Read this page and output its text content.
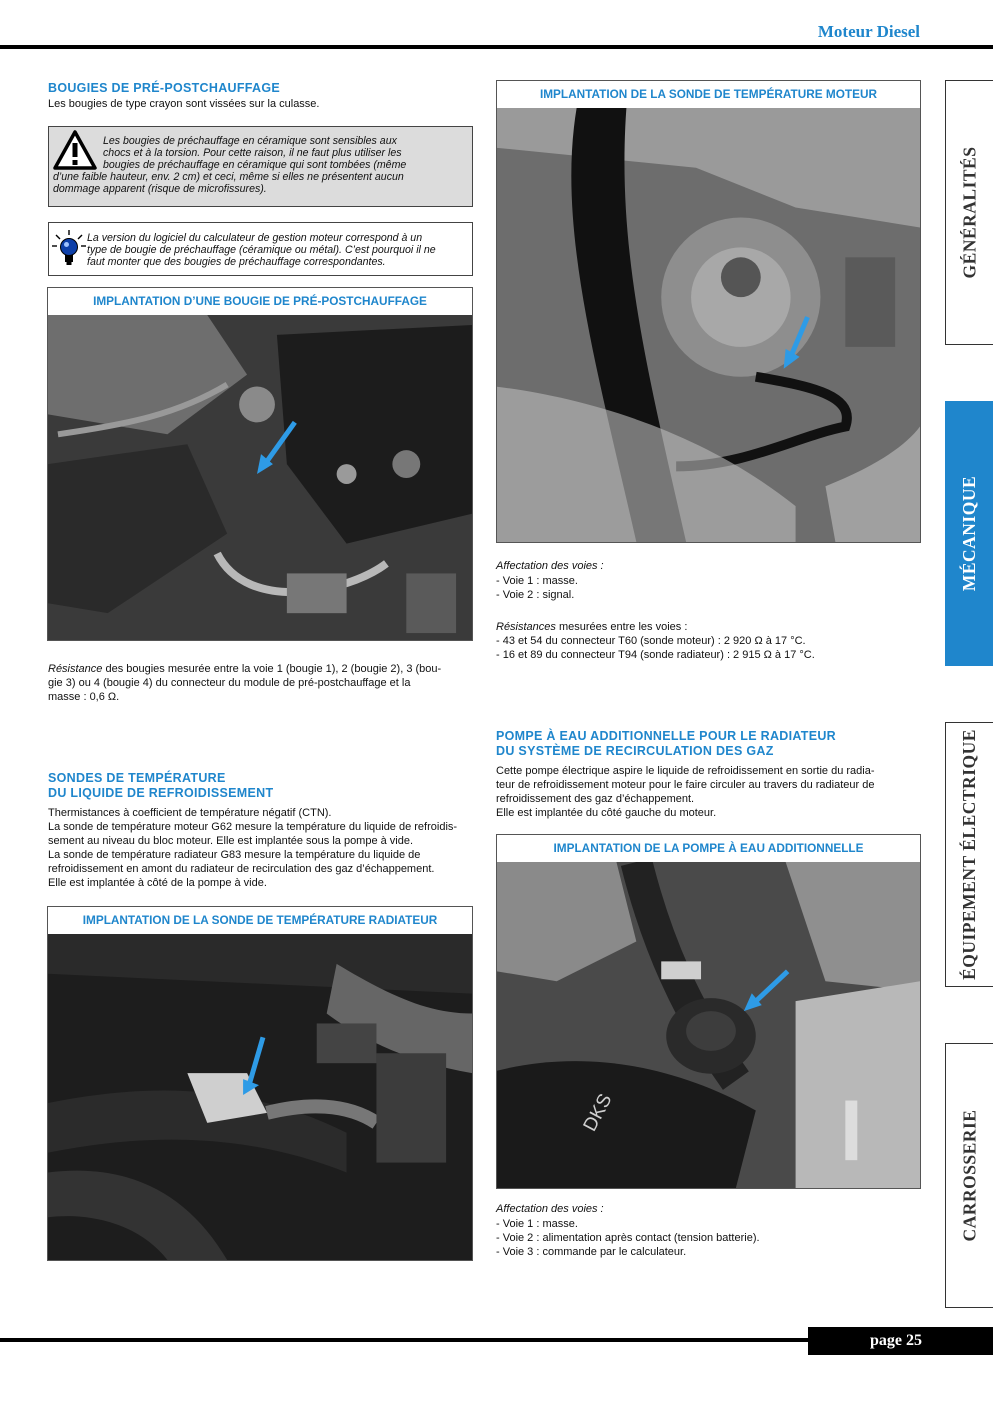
Moteur Diesel
BOUGIES DE PRÉ-POSTCHAUFFAGE
Les bougies de type crayon sont vissées sur la culasse.
Les bougies de préchauffage en céramique sont sensibles aux
chocs et à la torsion. Pour cette raison, il ne faut plus utiliser les
bougies de préchauffage en céramique qui sont tombées (même
d’une faible hauteur, env. 2 cm) et ceci, même si elles ne présentent aucun
dommage apparent (risque de microfissures).
La version du logiciel du calculateur de gestion moteur correspond à un
type de bougie de préchauffage (céramique ou métal). C’est pourquoi il ne
faut monter que des bougies de préchauffage correspondantes.
IMPLANTATION D’UNE BOUGIE DE PRÉ-POSTCHAUFFAGE
Résistance des bougies mesurée entre la voie 1 (bougie 1), 2 (bougie 2), 3 (bou-
gie 3) ou 4 (bougie 4) du connecteur du module de pré-postchauffage et la
masse : 0,6 Ω.
SONDES DE TEMPÉRATURE
DU LIQUIDE DE REFROIDISSEMENT
Thermistances à coefficient de température négatif (CTN).
La sonde de température moteur G62 mesure la température du liquide de refroidis-
sement au niveau du bloc moteur. Elle est implantée sous la pompe à vide.
La sonde de température radiateur G83 mesure la température du liquide de
refroidissement en amont du radiateur de recirculation des gaz d’échappement.
Elle est implantée à côté de la pompe à vide.
IMPLANTATION DE LA SONDE DE TEMPÉRATURE RADIATEUR
IMPLANTATION DE LA SONDE DE TEMPÉRATURE MOTEUR
Affectation des voies :
- Voie 1 : masse.
- Voie 2 : signal.
Résistances mesurées entre les voies :
- 43 et 54 du connecteur T60 (sonde moteur) : 2 920 Ω à 17 °C.
- 16 et 89 du connecteur T94 (sonde radiateur) : 2 915 Ω à 17 °C.
POMPE À EAU ADDITIONNELLE POUR LE RADIATEUR
DU SYSTÈME DE RECIRCULATION DES GAZ
Cette pompe électrique aspire le liquide de refroidissement en sortie du radia-
teur de refroidissement moteur pour le faire circuler au travers du radiateur de
refroidissement des gaz d’échappement.
Elle est implantée du côté gauche du moteur.
IMPLANTATION DE LA POMPE À EAU ADDITIONNELLE
DKS
Affectation des voies :
- Voie 1 : masse.
- Voie 2 : alimentation après contact (tension batterie).
- Voie 3 : commande par le calculateur.
GÉNÉRALITÉS
MÉCANIQUE
ÉQUIPEMENT ÉLECTRIQUE
CARROSSERIE
page 25
